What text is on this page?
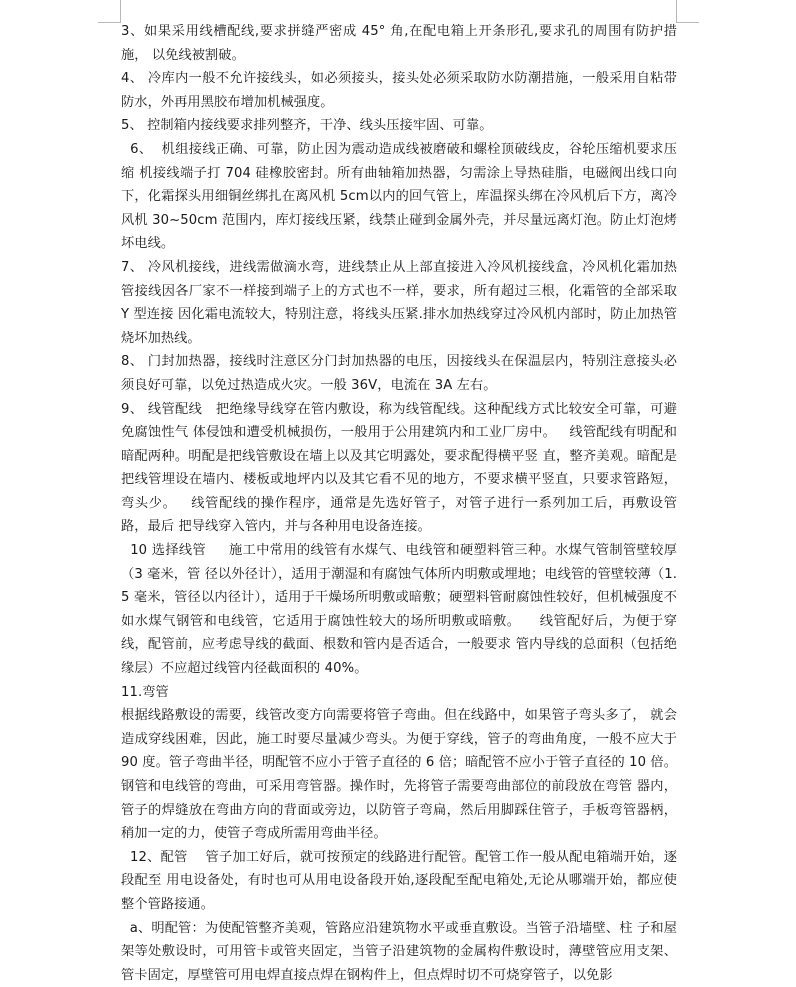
3、如果采用线槽配线,要求拼缝严密成 45° 角,在配电箱上开条形孔,要求孔的周围有防护措施， 以免线被割破。

4、 冷库内一般不允许接线头，如必须接头，接头处必须采取防水防潮措施，一般采用自粘带 防水，外再用黑胶布增加机械强度。

5、 控制箱内接线要求排列整齐，干净、线头压接牢固、可靠。

6、  机组接线正确、可靠，防止因为震动造成线被磨破和螺栓顶破线皮，谷轮压缩机要求压缩 机接线端子打 704 硅橡胶密封。所有曲轴箱加热器，匀需涂上导热硅脂，电磁阀出线口向下，化霜探头用细铜丝绑扎在离风机 5cm以内的回气管上，库温探头绑在冷风机后下方，离冷风机 30~50cm 范围内，库灯接线压紧，线禁止碰到金属外壳，并尽量远离灯泡。防止灯泡烤坏电线。

7、 冷风机接线，进线需做滴水弯，进线禁止从上部直接进入冷风机接线盒，冷风机化霜加热 管接线因各厂家不一样接到端子上的方式也不一样，要求，所有超过三根，化霜管的全部采取 Y 型连接 因化霜电流较大，特别注意，将线头压紧.排水加热线穿过冷风机内部时，防止加热管烧坏加热线。

8、 门封加热器，接线时注意区分门封加热器的电压，因接线头在保温层内，特别注意接头必 须良好可靠，以免过热造成火灾。一般 36V，电流在 3A 左右。

9、 线管配线   把绝缘导线穿在管内敷设，称为线管配线。这种配线方式比较安全可靠，可避免腐蚀性气 体侵蚀和遭受机械损伤，一般用于公用建筑内和工业厂房中。   线管配线有明配和暗配两种。明配是把线管敷设在墙上以及其它明露处，要求配得横平竖 直，整齐美观。暗配是把线管埋设在墙内、楼板或地坪内以及其它看不见的地方，不要求横平竖直，只要求管路短，弯头少。   线管配线的操作程序，通常是先选好管子，对管子进行一系列加工后，再敷设管路，最后 把导线穿入管内，并与各种用电设备连接。

10 选择线管     施工中常用的线管有水煤气、电线管和硬塑料管三种。水煤气管制管壁较厚（3 毫米，管 径以外径计），适用于潮湿和有腐蚀气体所内明敷或埋地；电线管的管壁较薄（1.5 毫米，管径以内径计），适用于干燥场所明敷或暗敷；硬塑料管耐腐蚀性较好，但机械强度不如水煤气钢管和电线管，它适用于腐蚀性较大的场所明敷或暗敷。    线管配好后，为便于穿线，配管前，应考虑导线的截面、根数和管内是否适合，一般要求 管内导线的总面积（包括绝缘层）不应超过线管内径截面积的 40%。

11.弯管

根据线路敷设的需要，线管改变方向需要将管子弯曲。但在线路中，如果管子弯头多了， 就会造成穿线困难，因此，施工时要尽量减少弯头。为便于穿线，管子的弯曲角度，一般不应大于 90 度。管子弯曲半径，明配管不应小于管子直径的 6 倍；暗配管不应小于管子直径的 10 倍。   钢管和电线管的弯曲，可采用弯管器。操作时，先将管子需要弯曲部位的前段放在弯管 器内，管子的焊缝放在弯曲方向的背面或旁边，以防管子弯扁，然后用脚踩住管子，手板弯管器柄，稍加一定的力，使管子弯成所需用弯曲半径。

12、配管    管子加工好后，就可按预定的线路进行配管。配管工作一般从配电箱端开始，逐段配至 用电设备处，有时也可从用电设备段开始,逐段配至配电箱处,无论从哪端开始，都应使整个管路接通。

a、明配管：为使配管整齐美观，管路应沿建筑物水平或垂直敷设。当管子沿墙壁、柱 子和屋架等处敷设时，可用管卡或管夹固定，当管子沿建筑物的金属构件敷设时，薄壁管应用支架、管卡固定，厚壁管可用电焊直接点焊在钢构件上，但点焊时切不可烧穿管子，以免影
